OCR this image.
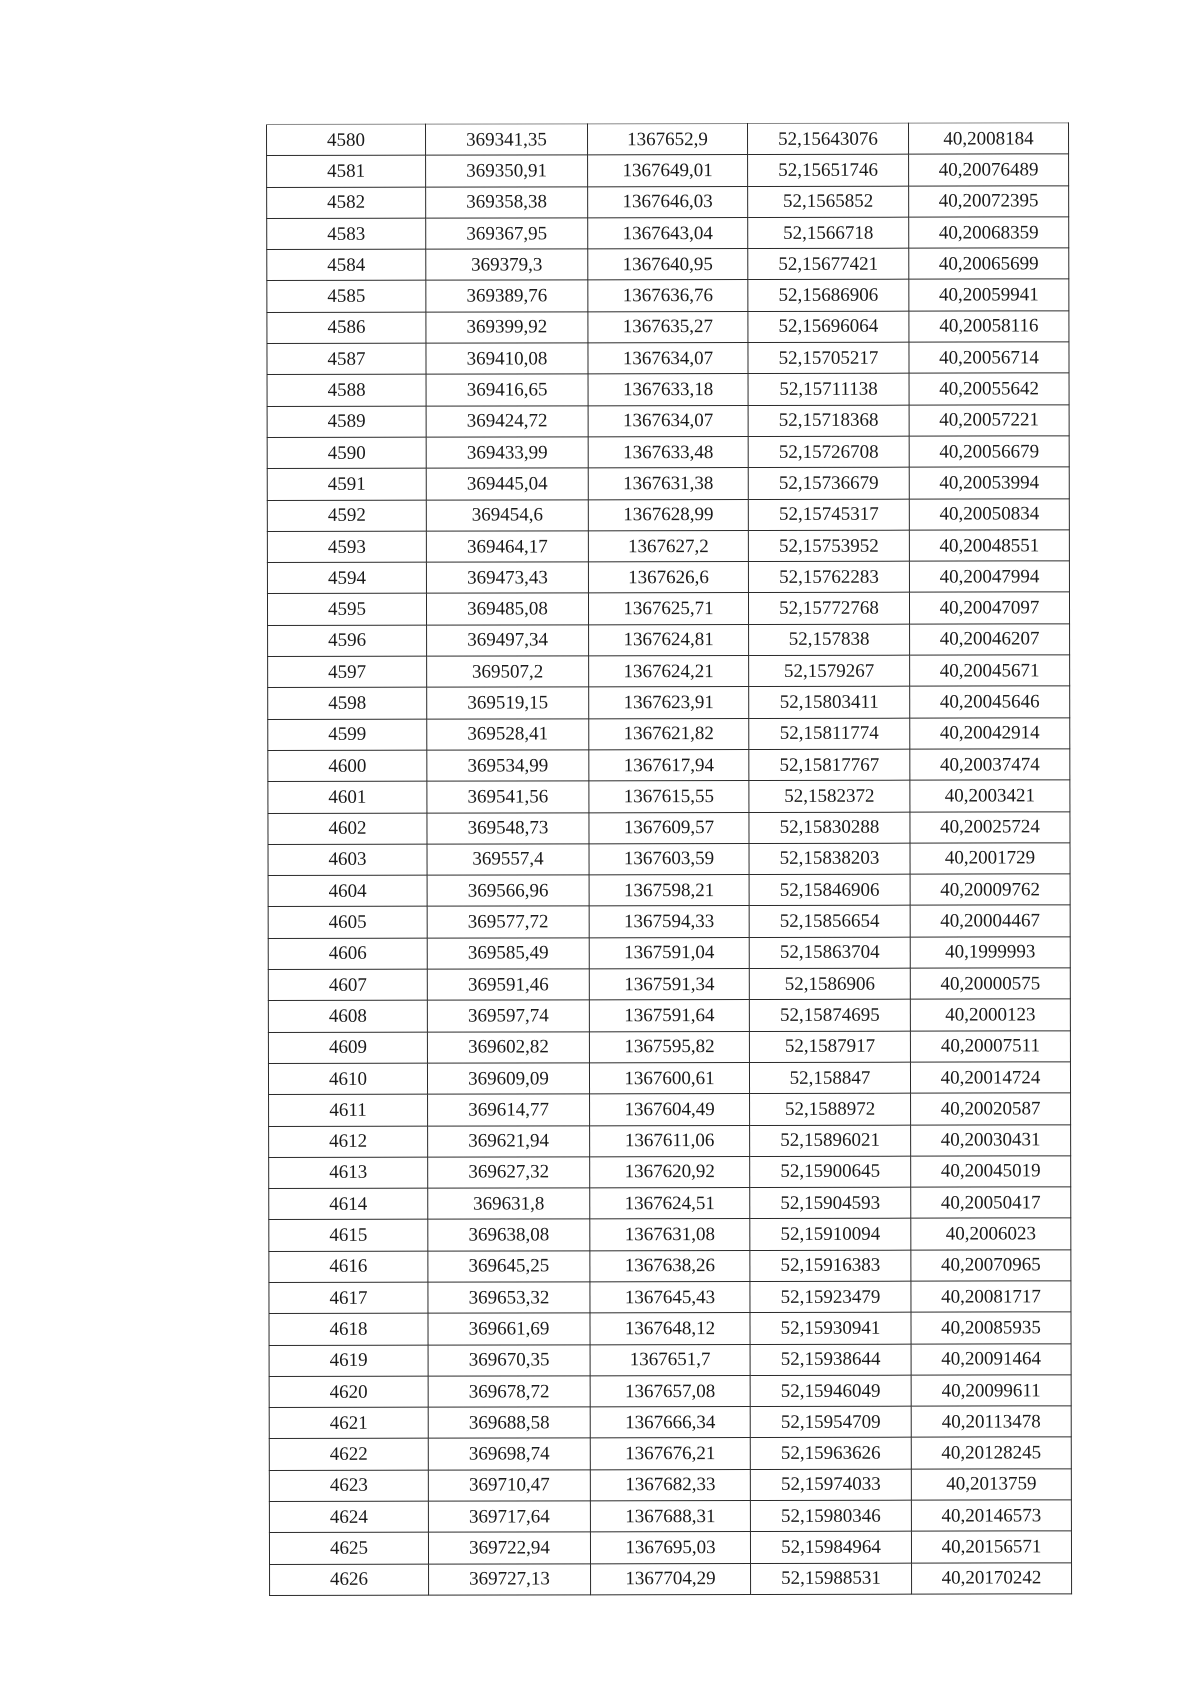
4580	369341,35	1367652,9	52,15643076	40,2008184
4581	369350,91	1367649,01	52,15651746	40,20076489
4582	369358,38	1367646,03	52,1565852	40,20072395
4583	369367,95	1367643,04	52,1566718	40,20068359
4584	369379,3	1367640,95	52,15677421	40,20065699
4585	369389,76	1367636,76	52,15686906	40,20059941
4586	369399,92	1367635,27	52,15696064	40,20058116
4587	369410,08	1367634,07	52,15705217	40,20056714
4588	369416,65	1367633,18	52,15711138	40,20055642
4589	369424,72	1367634,07	52,15718368	40,20057221
4590	369433,99	1367633,48	52,15726708	40,20056679
4591	369445,04	1367631,38	52,15736679	40,20053994
4592	369454,6	1367628,99	52,15745317	40,20050834
4593	369464,17	1367627,2	52,15753952	40,20048551
4594	369473,43	1367626,6	52,15762283	40,20047994
4595	369485,08	1367625,71	52,15772768	40,20047097
4596	369497,34	1367624,81	52,157838	40,20046207
4597	369507,2	1367624,21	52,1579267	40,20045671
4598	369519,15	1367623,91	52,15803411	40,20045646
4599	369528,41	1367621,82	52,15811774	40,20042914
4600	369534,99	1367617,94	52,15817767	40,20037474
4601	369541,56	1367615,55	52,1582372	40,2003421
4602	369548,73	1367609,57	52,15830288	40,20025724
4603	369557,4	1367603,59	52,15838203	40,2001729
4604	369566,96	1367598,21	52,15846906	40,20009762
4605	369577,72	1367594,33	52,15856654	40,20004467
4606	369585,49	1367591,04	52,15863704	40,1999993
4607	369591,46	1367591,34	52,1586906	40,20000575
4608	369597,74	1367591,64	52,15874695	40,2000123
4609	369602,82	1367595,82	52,1587917	40,20007511
4610	369609,09	1367600,61	52,158847	40,20014724
4611	369614,77	1367604,49	52,1588972	40,20020587
4612	369621,94	1367611,06	52,15896021	40,20030431
4613	369627,32	1367620,92	52,15900645	40,20045019
4614	369631,8	1367624,51	52,15904593	40,20050417
4615	369638,08	1367631,08	52,15910094	40,2006023
4616	369645,25	1367638,26	52,15916383	40,20070965
4617	369653,32	1367645,43	52,15923479	40,20081717
4618	369661,69	1367648,12	52,15930941	40,20085935
4619	369670,35	1367651,7	52,15938644	40,20091464
4620	369678,72	1367657,08	52,15946049	40,20099611
4621	369688,58	1367666,34	52,15954709	40,20113478
4622	369698,74	1367676,21	52,15963626	40,20128245
4623	369710,47	1367682,33	52,15974033	40,2013759
4624	369717,64	1367688,31	52,15980346	40,20146573
4625	369722,94	1367695,03	52,15984964	40,20156571
4626	369727,13	1367704,29	52,15988531	40,20170242
